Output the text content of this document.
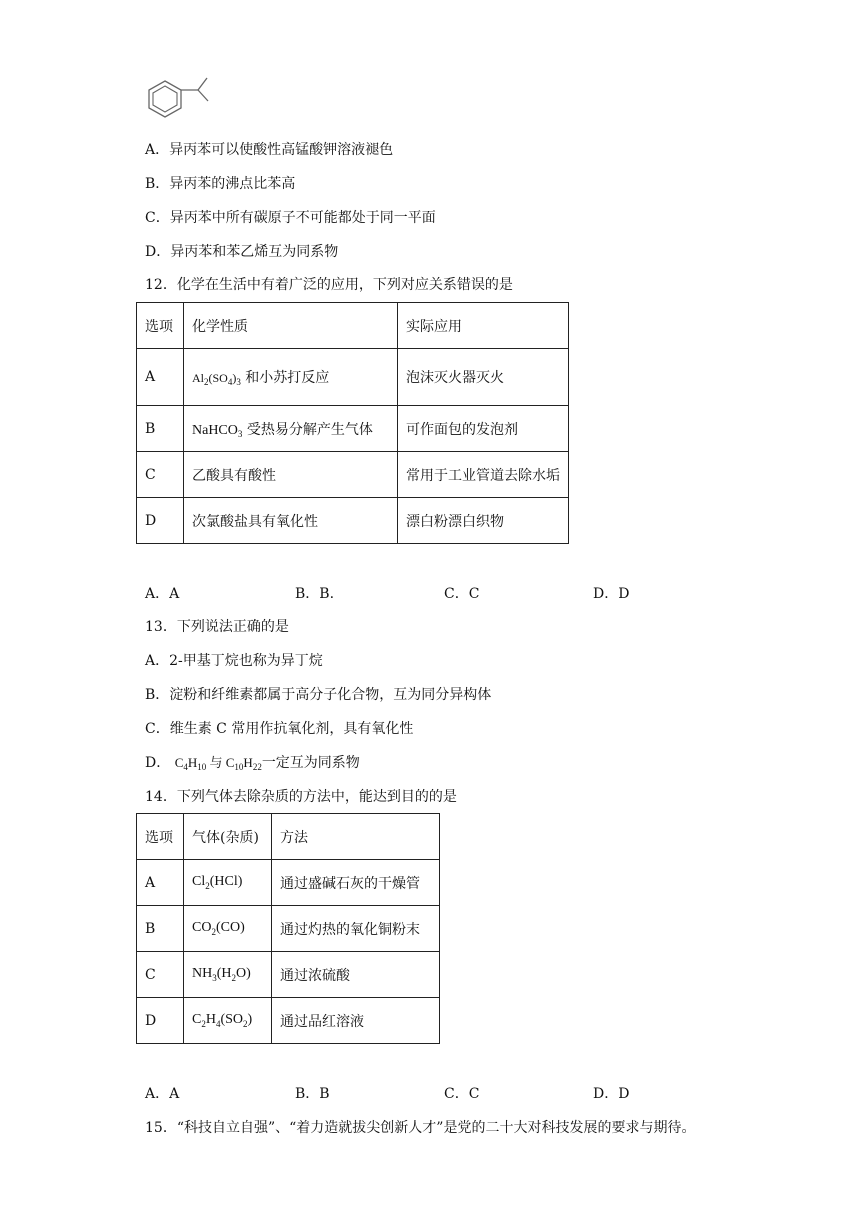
A．异丙苯可以使酸性高锰酸钾溶液褪色
B．异丙苯的沸点比苯高
C．异丙苯中所有碳原子不可能都处于同一平面
D．异丙苯和苯乙烯互为同系物
12．化学在生活中有着广泛的应用，下列对应关系错误的是
选项	化学性质	实际应用
A	$Al_2(SO_4)_3$ 和小苏打反应	泡沫灭火器灭火
B	NaHCO$_3$ 受热易分解产生气体	可作面包的发泡剂
C	乙酸具有酸性	常用于工业管道去除水垢
D	次氯酸盐具有氧化性	漂白粉漂白织物
A．A	B．B.	C．C	D．D
13．下列说法正确的是
A．2-甲基丁烷也称为异丁烷
B．淀粉和纤维素都属于高分子化合物，互为同分异构体
C．维生素 C 常用作抗氧化剂，具有氧化性
D． $C_4H_{10}$ 与 $C_{10}H_{22}$一定互为同系物
14．下列气体去除杂质的方法中，能达到目的的是
选项	气体(杂质)	方法
A	$Cl_2(HCl)$	通过盛碱石灰的干燥管
B	$CO_2(CO)$	通过灼热的氧化铜粉末
C	$NH_3(H_2O)$	通过浓硫酸
D	$C_2H_4(SO_2)$	通过品红溶液
A．A	B．B	C．C	D．D
15．“科技自立自强”、“着力造就拔尖创新人才”是党的二十大对科技发展的要求与期待。
